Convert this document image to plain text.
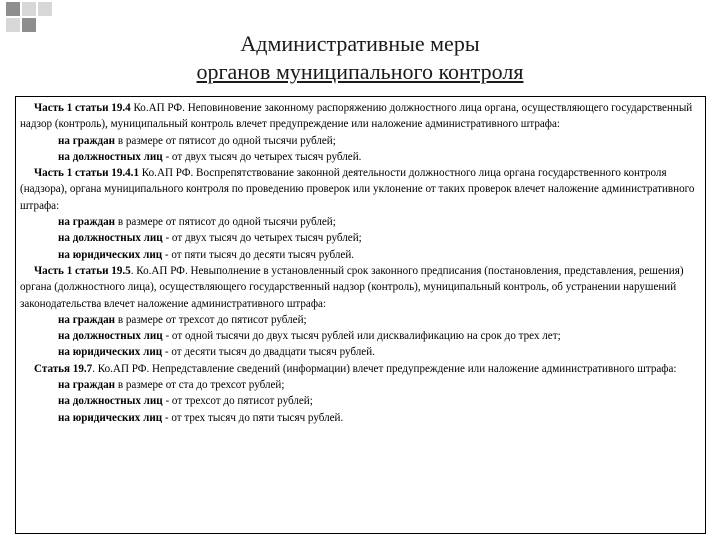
Административные меры
органов муниципального контроля

Часть 1 статьи 19.4 Ко.АП РФ. Неповиновение законному распоряжению должностного лица органа, осуществляющего государственный надзор (контроль), муниципальный контроль влечет предупреждение или наложение административного штрафа:

на граждан в размере от пятисот до одной тысячи рублей;

на должностных лиц - от двух тысяч до четырех тысяч рублей.

Часть 1 статьи 19.4.1 Ко.АП РФ. Воспрепятствование законной деятельности должностного лица органа государственного контроля (надзора), органа муниципального контроля по проведению проверок или уклонение от таких проверок влечет наложение административного штрафа:

на граждан в размере от пятисот до одной тысячи рублей;

на должностных лиц - от двух тысяч до четырех тысяч рублей;

на юридических лиц - от пяти тысяч до десяти тысяч рублей.

Часть 1 статьи 19.5. Ко.АП РФ. Невыполнение в установленный срок законного предписания (постановления, представления, решения) органа (должностного лица), осуществляющего государственный надзор (контроль), муниципальный контроль, об устранении нарушений законодательства влечет наложение административного штрафа:

на граждан в размере от трехсот до пятисот рублей;

на должностных лиц - от одной тысячи до двух тысяч рублей или дисквалификацию на срок до трех лет;

на юридических лиц - от десяти тысяч до двадцати тысяч рублей.

Статья 19.7. Ко.АП РФ. Непредставление сведений (информации) влечет предупреждение или наложение административного штрафа:

на граждан в размере от ста до трехсот рублей;

на должностных лиц - от трехсот до пятисот рублей;

на юридических лиц - от трех тысяч до пяти тысяч рублей.
